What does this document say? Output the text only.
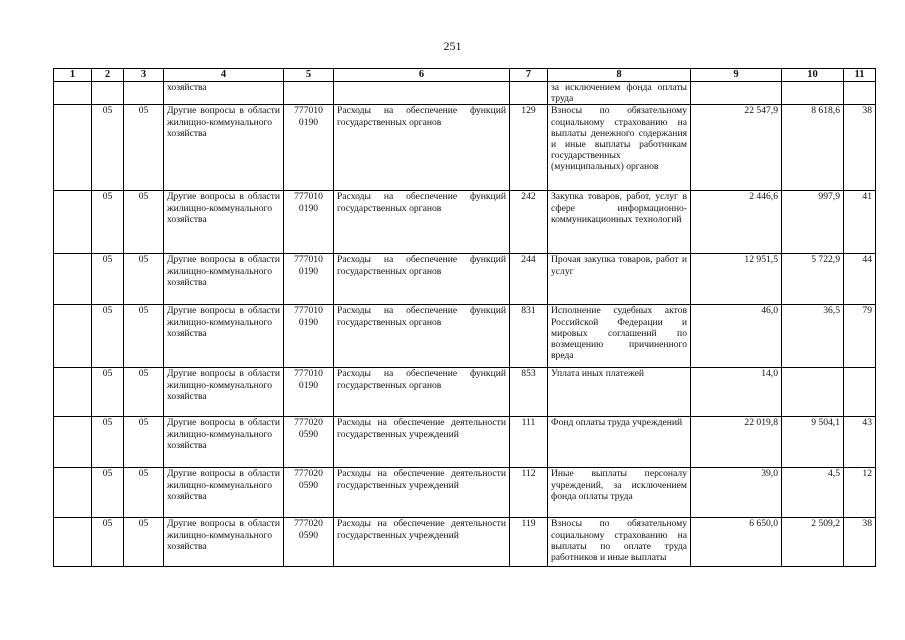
251
1	2	3	4	5	6	7	8	9	10	11
			хозяйства				за исключением фонда оплаты труда			
	05	05	Другие вопросы в области жилищно-коммунального хозяйства	777010 0190	Расходы на обеспечение функций государственных органов	129	Взносы по обязательному социальному страхованию на выплаты денежного содержания и иные выплаты работникам государственных (муниципальных) органов	22 547,9	8 618,6	38
	05	05	Другие вопросы в области жилищно-коммунального хозяйства	777010 0190	Расходы на обеспечение функций государственных органов	242	Закупка товаров, работ, услуг в сфере информационно-коммуникационных технологий	2 446,6	997,9	41
	05	05	Другие вопросы в области жилищно-коммунального хозяйства	777010 0190	Расходы на обеспечение функций государственных органов	244	Прочая закупка товаров, работ и услуг	12 951,5	5 722,9	44
	05	05	Другие вопросы в области жилищно-коммунального хозяйства	777010 0190	Расходы на обеспечение функций государственных органов	831	Исполнение судебных актов Российской Федерации и мировых соглашений по возмещению причиненного вреда	46,0	36,5	79
	05	05	Другие вопросы в области жилищно-коммунального хозяйства	777010 0190	Расходы на обеспечение функций государственных органов	853	Уплата иных платежей	14,0		
	05	05	Другие вопросы в области жилищно-коммунального хозяйства	777020 0590	Расходы на обеспечение деятельности государственных учреждений	111	Фонд оплаты труда учреждений	22 019,8	9 504,1	43
	05	05	Другие вопросы в области жилищно-коммунального хозяйства	777020 0590	Расходы на обеспечение деятельности государственных учреждений	112	Иные выплаты персоналу учреждений, за исключением фонда оплаты труда	39,0	4,5	12
	05	05	Другие вопросы в области жилищно-коммунального хозяйства	777020 0590	Расходы на обеспечение деятельности государственных учреждений	119	Взносы по обязательному социальному страхованию на выплаты по оплате труда работников и иные выплаты	6 650,0	2 509,2	38
